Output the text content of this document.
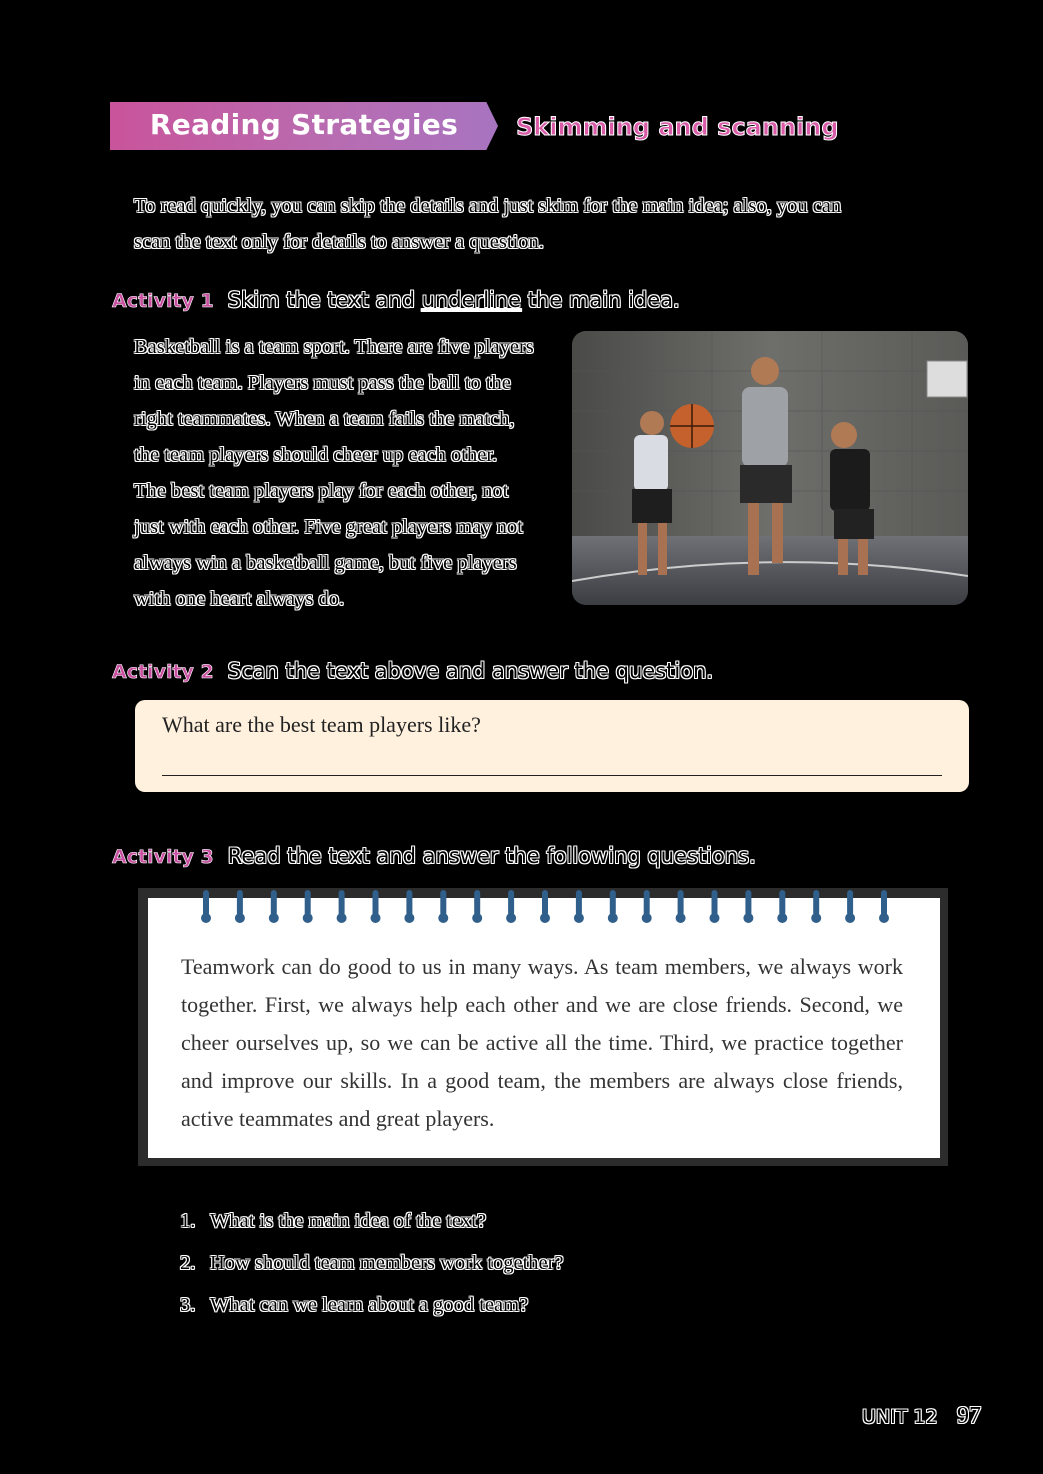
Reading Strategies	Skimming and scanning
To read quickly, you can skip the details and just skim for the main idea; also, you can
scan the text only for details to answer a question.
Activity 1 Skim the text and underline the main idea.
Basketball is a team sport. There are five players
in each team. Players must pass the ball to the
right teammates. When a team fails the match,
the team players should cheer up each other.
The best team players play for each other, not
just with each other. Five great players may not
always win a basketball game, but five players
with one heart always do.
Activity 2 Scan the text above and answer the question.
What are the best team players like?
Activity 3 Read the text and answer the following questions.
Teamwork can do good to us in many ways. As team members, we always work together. First, we always help each other and we are close friends. Second, we cheer ourselves up, so we can be active all the time. Third, we practice together and improve our skills. In a good team, the members are always close friends, active teammates and great players.
1. What is the main idea of the text?
2. How should team members work together?
3. What can we learn about a good team?
UNIT 12 97
